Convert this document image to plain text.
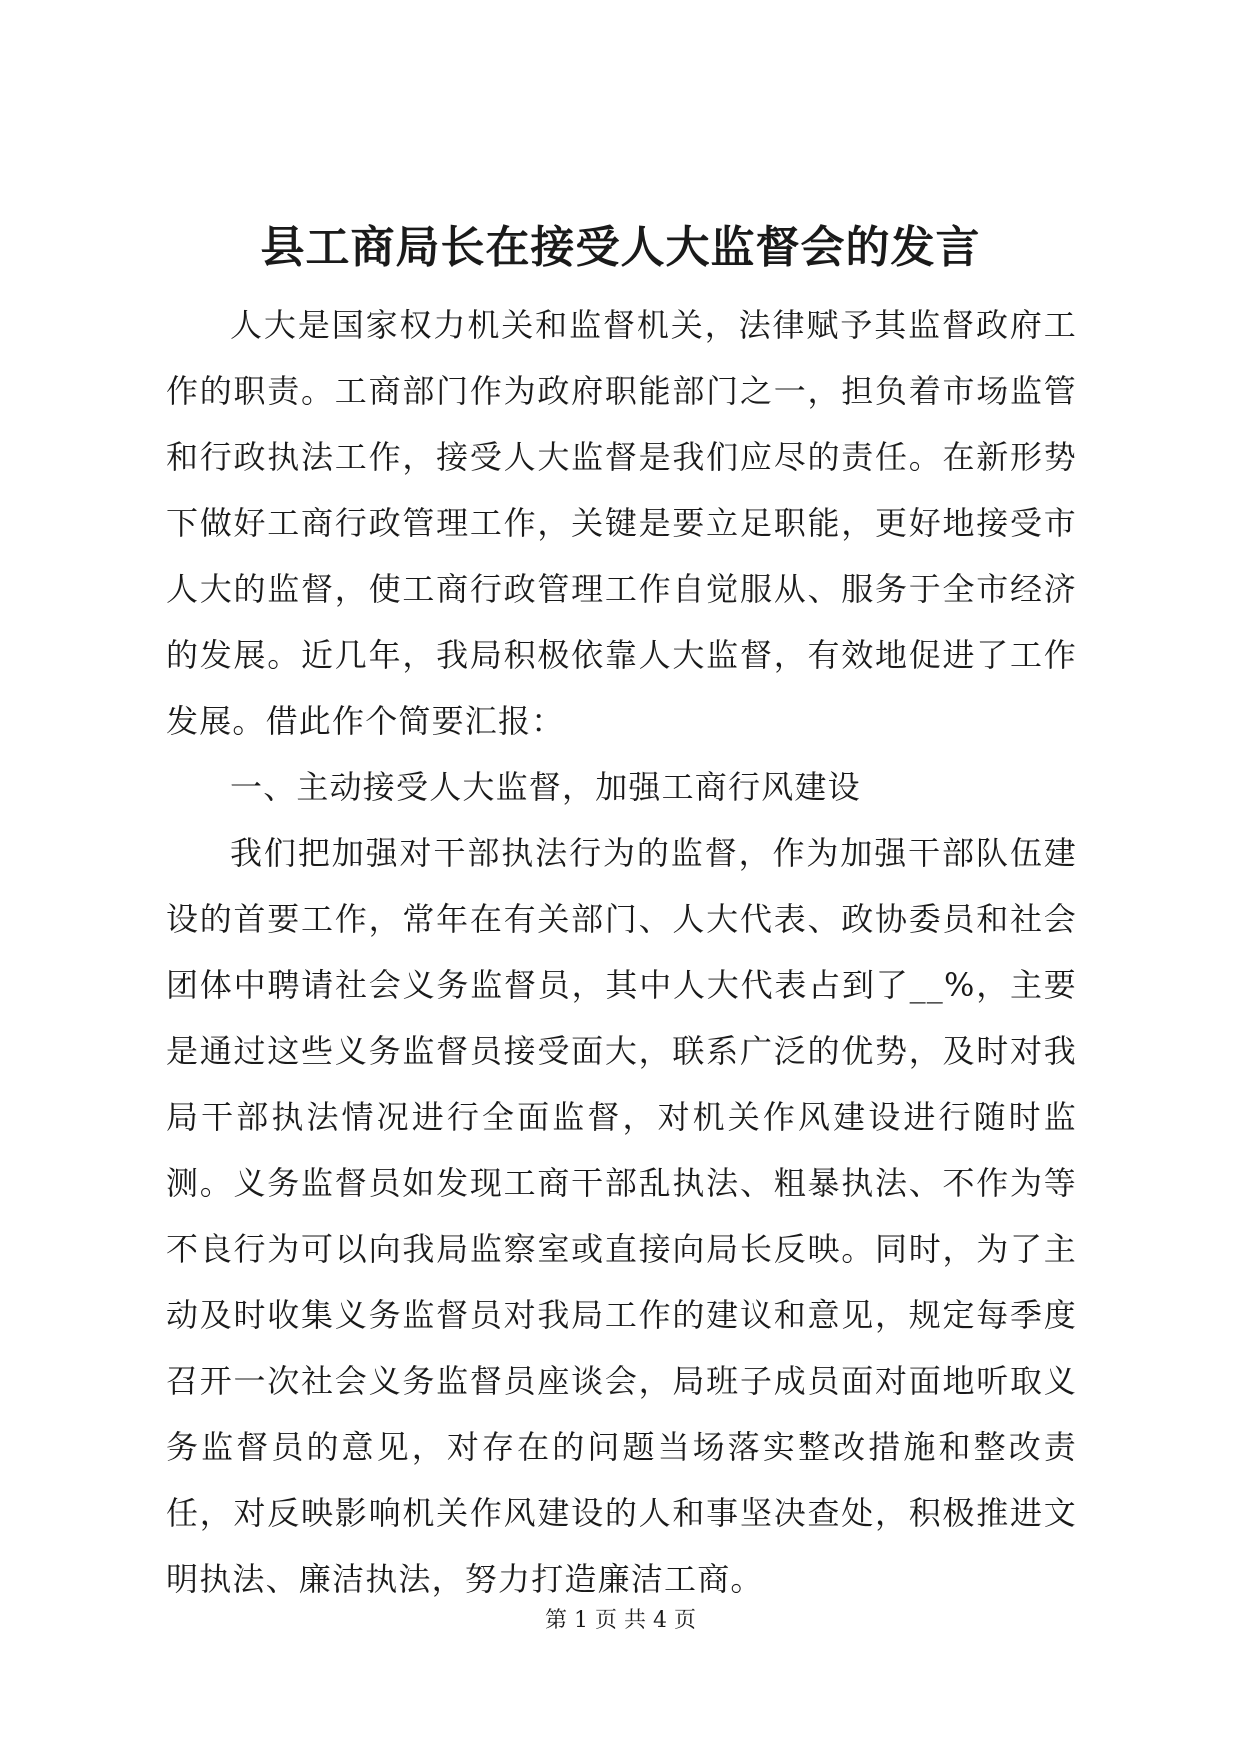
县工商局长在接受人大监督会的发言

人大是国家权力机关和监督机关，法律赋予其监督政府工作的职责。工商部门作为政府职能部门之一，担负着市场监管和行政执法工作，接受人大监督是我们应尽的责任。在新形势下做好工商行政管理工作，关键是要立足职能，更好地接受市人大的监督，使工商行政管理工作自觉服从、服务于全市经济的发展。近几年，我局积极依靠人大监督，有效地促进了工作发展。借此作个简要汇报：

一、主动接受人大监督，加强工商行风建设

我们把加强对干部执法行为的监督，作为加强干部队伍建设的首要工作，常年在有关部门、人大代表、政协委员和社会团体中聘请社会义务监督员，其中人大代表占到了__%，主要是通过这些义务监督员接受面大，联系广泛的优势，及时对我局干部执法情况进行全面监督，对机关作风建设进行随时监测。义务监督员如发现工商干部乱执法、粗暴执法、不作为等不良行为可以向我局监察室或直接向局长反映。同时，为了主动及时收集义务监督员对我局工作的建议和意见，规定每季度召开一次社会义务监督员座谈会，局班子成员面对面地听取义务监督员的意见，对存在的问题当场落实整改措施和整改责任，对反映影响机关作风建设的人和事坚决查处，积极推进文明执法、廉洁执法，努力打造廉洁工商。

第 1 页 共 4 页
